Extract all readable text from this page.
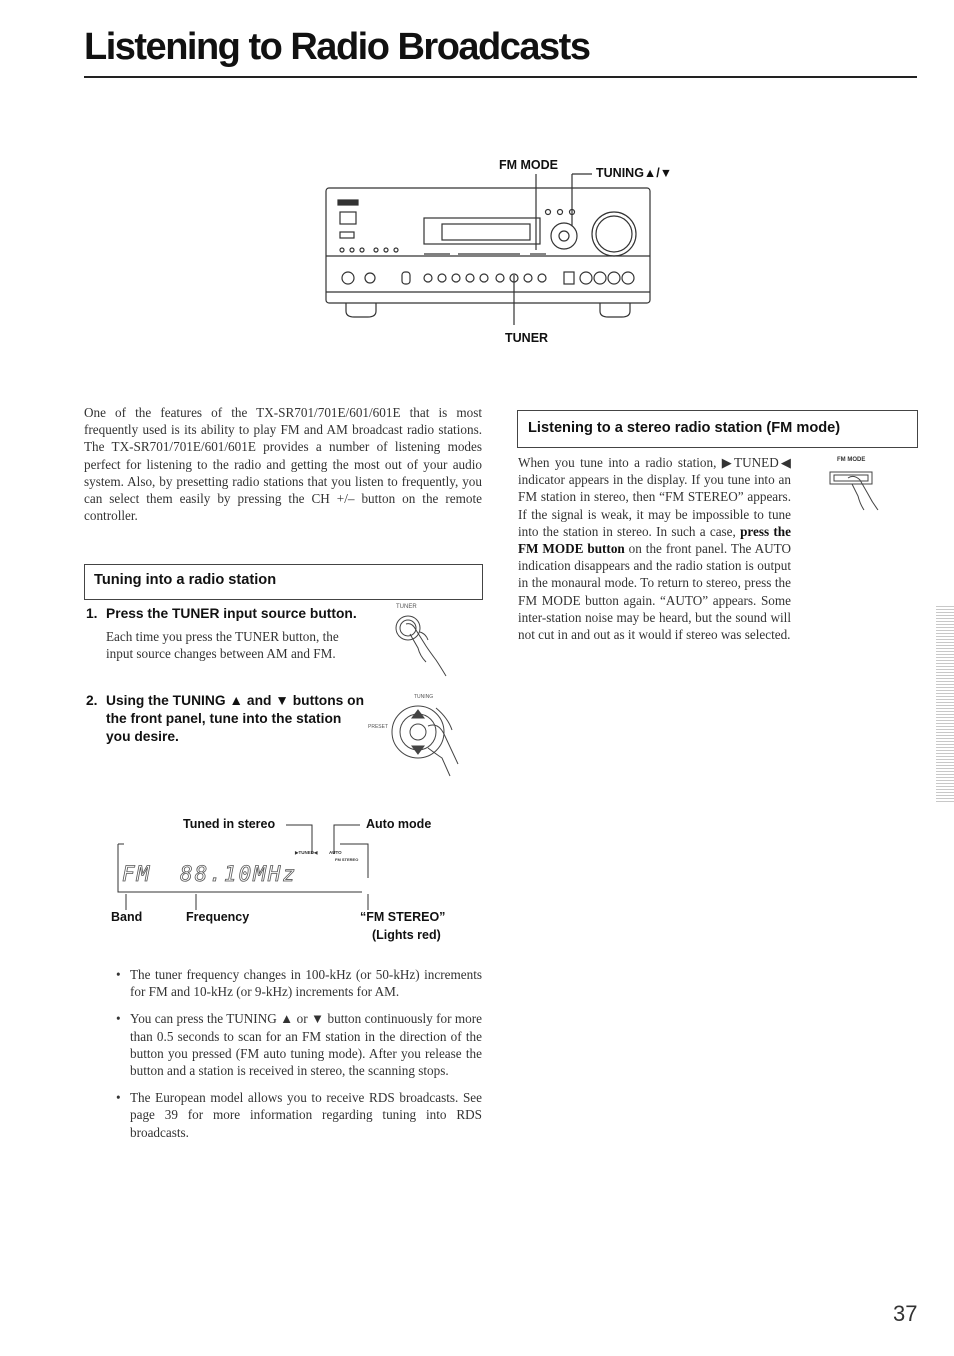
Listening to Radio Broadcasts
FM MODE
TUNING▲/▼
TUNER
One of the features of the TX-SR701/701E/601/601E that is most frequently used is its ability to play FM and AM broadcast radio stations. The TX-SR701/701E/601/601E provides a number of listening modes perfect for listening to the radio and getting the most out of your audio system. Also, by presetting radio stations that you listen to frequently, you can select them easily by pressing the CH +/– button on the remote controller.
Tuning into a radio station
1. Press the TUNER input source button.
Each time you press the TUNER button, the input source changes between AM and FM.
TUNER
2. Using the TUNING ▲ and ▼ buttons on the front panel, tune into the station you desire.
TUNING
PRESET
Tuned in stereo	Auto mode
▶TUNED◀	AUTO
FM STEREO
FM 88.10MHz
Band	Frequency	“FM STEREO”
(Lights red)
• The tuner frequency changes in 100-kHz (or 50-kHz) increments for FM and 10-kHz (or 9-kHz) increments for AM.
• You can press the TUNING ▲ or ▼ button continuously for more than 0.5 seconds to scan for an FM station in the direction of the button you pressed (FM auto tuning mode). After you release the button and a station is received in stereo, the scanning stops.
• The European model allows you to receive RDS broadcasts. See page 39 for more information regarding tuning into RDS broadcasts.
Listening to a stereo radio station (FM mode)
When you tune into a radio station, ▶TUNED◀ indicator appears in the display. If you tune into an FM station in stereo, then “FM STEREO” appears. If the signal is weak, it may be impossible to tune into the station in stereo. In such a case, press the FM MODE button on the front panel. The AUTO indication disappears and the radio station is output in the monaural mode. To return to stereo, press the FM MODE button again. “AUTO” appears. Some inter-station noise may be heard, but the sound will not cut in and out as it would if stereo was selected.
FM MODE
37
